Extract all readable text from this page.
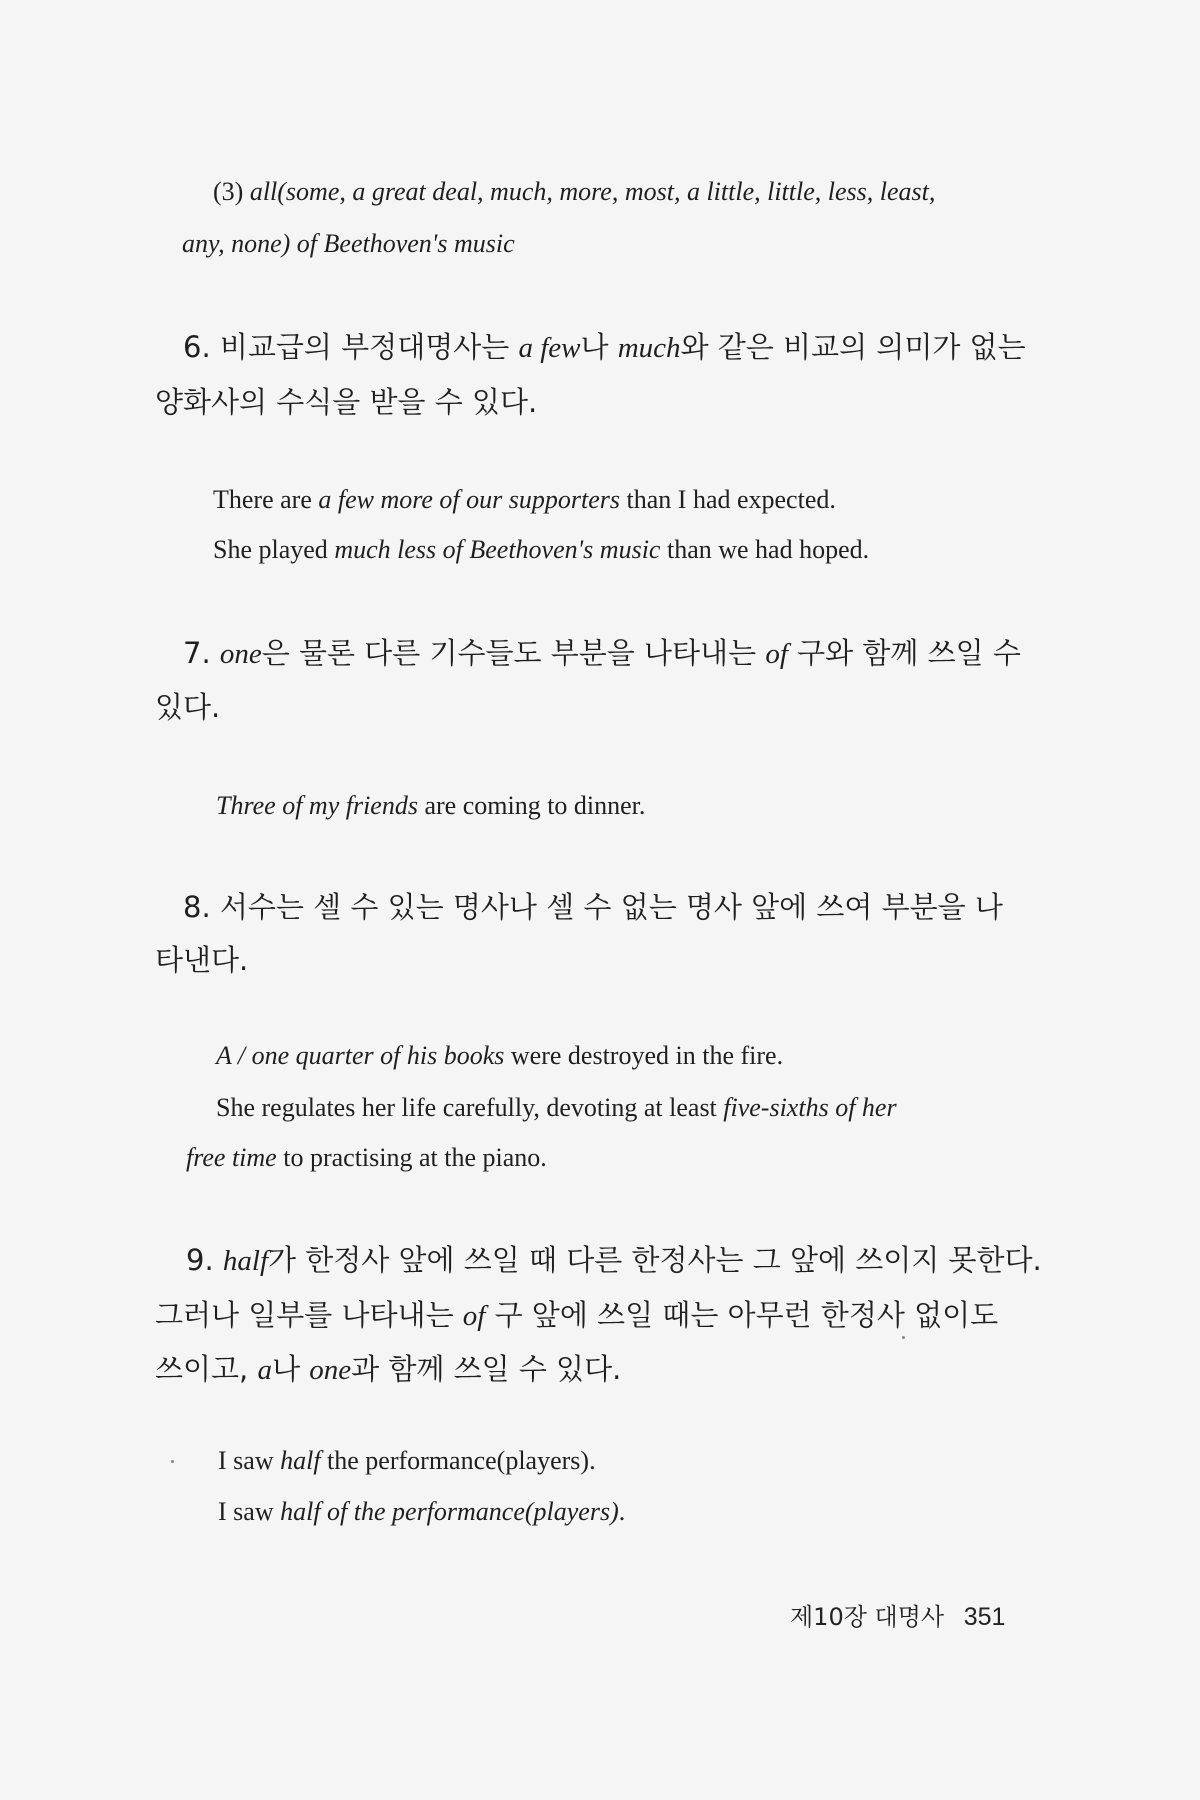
(3) all(some, a great deal, much, more, most, a little, little, less, least,
any, none) of Beethoven's music
6. 비교급의 부정대명사는 a few나 much와 같은 비교의 의미가 없는
양화사의 수식을 받을 수 있다.
There are a few more of our supporters than I had expected.
She played much less of Beethoven's music than we had hoped.
7. one은 물론 다른 기수들도 부분을 나타내는 of 구와 함께 쓰일 수
있다.
Three of my friends are coming to dinner.
8. 서수는 셀 수 있는 명사나 셀 수 없는 명사 앞에 쓰여 부분을 나
타낸다.
A / one quarter of his books were destroyed in the fire.
She regulates her life carefully, devoting at least five-sixths of her
free time to practising at the piano.
9. half가 한정사 앞에 쓰일 때 다른 한정사는 그 앞에 쓰이지 못한다.
그러나 일부를 나타내는 of 구 앞에 쓰일 때는 아무런 한정사 없이도
쓰이고, a나 one과 함께 쓰일 수 있다.
I saw half the performance(players).
I saw half of the performance(players).
제10장 대명사 351
